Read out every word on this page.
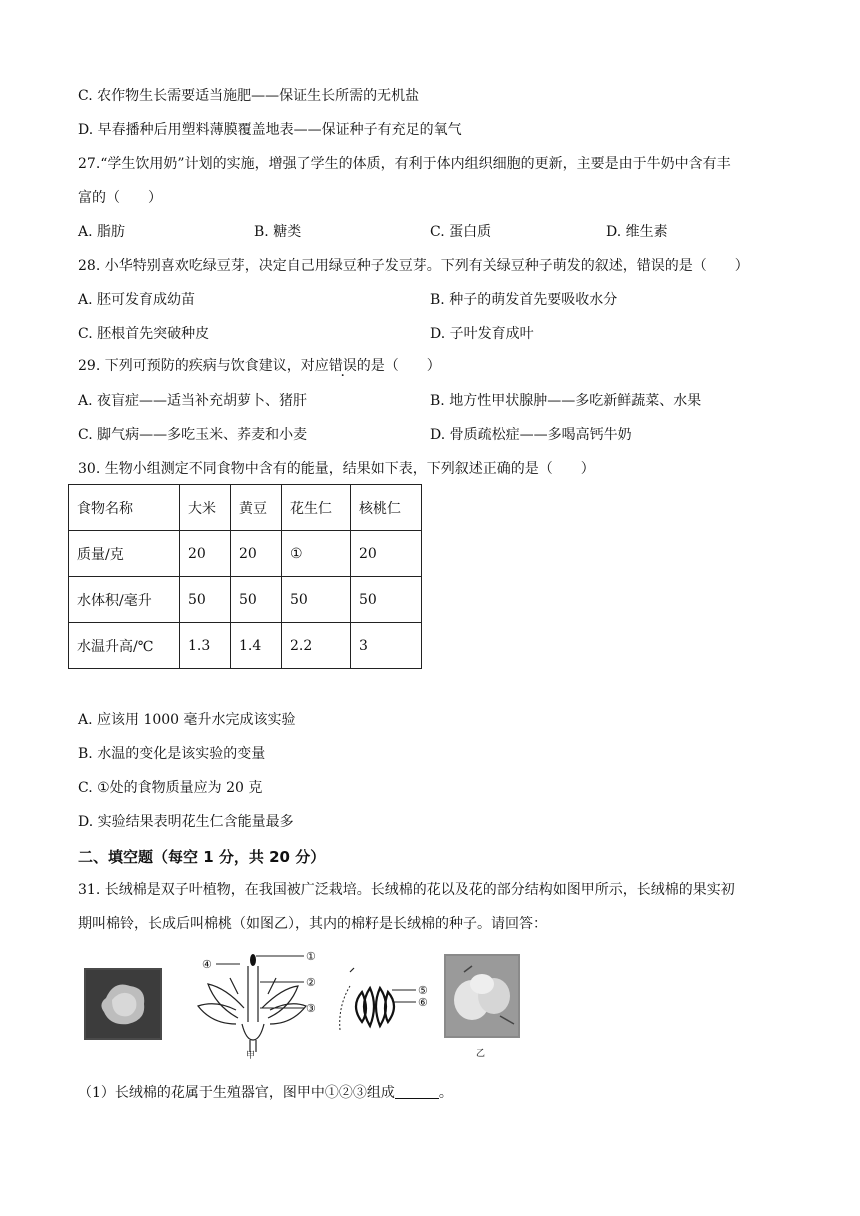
C. 农作物生长需要适当施肥——保证生长所需的无机盐
D. 早春播种后用塑料薄膜覆盖地表——保证种子有充足的氧气
27.“学生饮用奶”计划的实施，增强了学生的体质，有利于体内组织细胞的更新，主要是由于牛奶中含有丰
富的（　　）
A. 脂肪	B. 糖类	C. 蛋白质	D. 维生素
28. 小华特别喜欢吃绿豆芽，决定自己用绿豆种子发豆芽。下列有关绿豆种子萌发的叙述，错误的是（　　）
A. 胚可发育成幼苗	B. 种子的萌发首先要吸收水分
C. 胚根首先突破种皮	D. 子叶发育成叶
29. 下列可预防的疾病与饮食建议，对应错误的是（　　）
A. 夜盲症——适当补充胡萝卜、猪肝	B. 地方性甲状腺肿——多吃新鲜蔬菜、水果
C. 脚气病——多吃玉米、荞麦和小麦	D. 骨质疏松症——多喝高钙牛奶
30. 生物小组测定不同食物中含有的能量，结果如下表，下列叙述正确的是（　　）
食物名称	大米	黄豆	花生仁	核桃仁
质量/克	20	20	①	20
水体积/毫升	50	50	50	50
水温升高/℃	1.3	1.4	2.2	3
A. 应该用 1000 毫升水完成该实验
B. 水温的变化是该实验的变量
C. ①处的食物质量应为 20 克
D. 实验结果表明花生仁含能量最多
二、填空题（每空 1 分，共 20 分）
31. 长绒棉是双子叶植物，在我国被广泛栽培。长绒棉的花以及花的部分结构如图甲所示，长绒棉的果实初
期叫棉铃，长成后叫棉桃（如图乙），其内的棉籽是长绒棉的种子。请回答：
④
①
②
③
甲
⑤
⑥
乙
（1）长绒棉的花属于生殖器官，图甲中①②③组成	。
